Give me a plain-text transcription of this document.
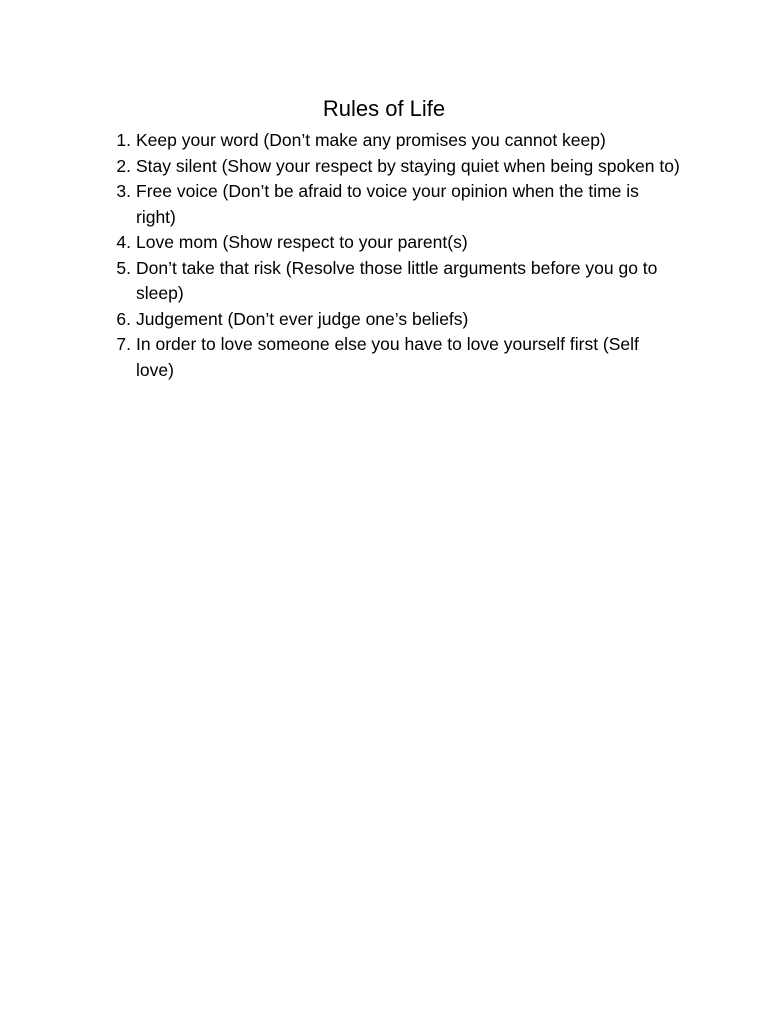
Rules of Life
1. Keep your word (Don’t make any promises you cannot keep)
2. Stay silent (Show your respect by staying quiet when being spoken to)
3. Free voice (Don’t be afraid to voice your opinion when the time is right)
4. Love mom (Show respect to your parent(s)
5. Don’t take that risk (Resolve those little arguments before you go to sleep)
6. Judgement (Don’t ever judge one’s beliefs)
7. In order to love someone else you have to love yourself first (Self love)
